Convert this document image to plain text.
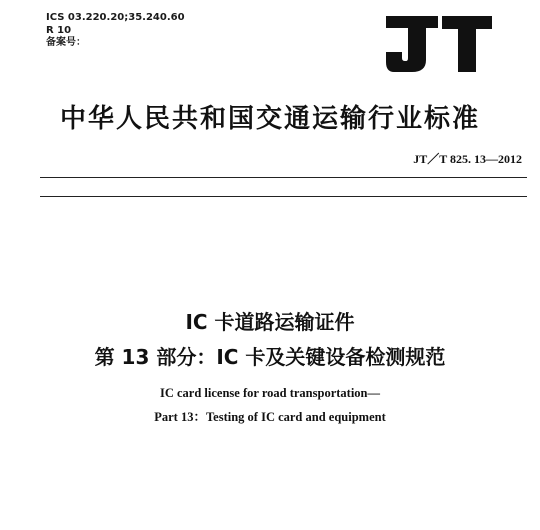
ICS 03.220.20;35.240.60
R 10
备案号：
中华人民共和国交通运输行业标准
JT／T 825. 13—2012
IC 卡道路运输证件
第 13 部分：IC 卡及关键设备检测规范
IC card license for road transportation—
Part 13：Testing of IC card and equipment
